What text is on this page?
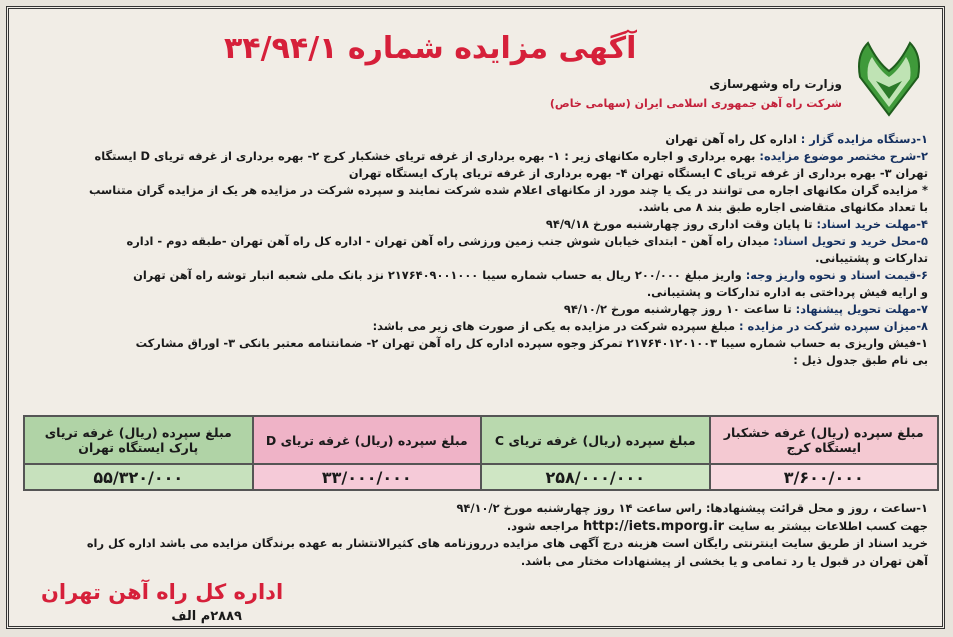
وزارت راه وشهرسازی
شرکت راه آهن جمهوری اسلامی ایران (سهامی خاص)
آگهی مزایده شماره ۳۴/۹۴/۱

۱-دستگاه مزایده گزار : اداره کل راه آهن تهران

۲-شرح مختصر موضوع مزایده: بهره برداری و اجاره مکانهای زیر : ۱- بهره برداری از غرفه تریای خشکبار کرج ۲- بهره برداری از غرفه تریای D ایستگاه

تهران ۳- بهره برداری از غرفه تریای C ایستگاه تهران ۴- بهره برداری از غرفه تریای پارک ایستگاه تهران

* مزایده گران مکانهای اجاره می توانند در یک یا چند مورد از مکانهای اعلام شده شرکت نمایند و سپرده شرکت در مزایده هر یک از مزایده گران متناسب

با تعداد مکانهای متقاضی اجاره طبق بند ۸ می باشد.

۴-مهلت خرید اسناد: تا پایان وقت اداری روز چهارشنبه مورخ ۹۴/۹/۱۸

۵-محل خرید و تحویل اسناد: میدان راه آهن - ابتدای خیابان شوش جنب زمین ورزشی راه آهن تهران - اداره کل راه آهن تهران -طبقه دوم - اداره

تدارکات و پشتیبانی.

۶-قیمت اسناد و نحوه واریز وجه: واریز مبلغ ۲۰۰/۰۰۰ ریال به حساب شماره سیبا ۲۱۷۶۴۰۹۰۰۱۰۰۰ نزد بانک ملی شعبه انبار توشه راه آهن تهران

و ارایه فیش پرداختی به اداره تدارکات و پشتیبانی.

۷-مهلت تحویل پیشنهاد: تا ساعت ۱۰ روز چهارشنبه مورخ ۹۴/۱۰/۲

۸-میزان سپرده شرکت در مزایده : مبلغ سپرده شرکت در مزایده به یکی از صورت های زیر می باشد:

۱-فیش واریزی به حساب شماره سیبا ۲۱۷۶۴۰۱۲۰۱۰۰۳ تمرکز وجوه سپرده اداره کل راه آهن تهران ۲- ضمانتنامه معتبر بانکی ۳- اوراق مشارکت

بی نام طبق جدول ذیل :

مبلغ سپرده (ریال) غرفه خشکبار ایستگاه کرج
۳/۶۰۰/۰۰۰
مبلغ سپرده (ریال) غرفه تریای C
۲۵۸/۰۰۰/۰۰۰
مبلغ سپرده (ریال) غرفه تریای D
۳۳/۰۰۰/۰۰۰
مبلغ سپرده (ریال) غرفه تریای پارک ایستگاه تهران
۵۵/۳۲۰/۰۰۰

۱-ساعت ، روز و محل قرائت پیشنهادها: راس ساعت ۱۴ روز چهارشنبه مورخ ۹۴/۱۰/۲

جهت کسب اطلاعات بیشتر به سایت http://iets.mporg.ir مراجعه شود.

خرید اسناد از طریق سایت اینترنتی رایگان است هزینه درج آگهی های مزایده درروزنامه های کثیرالانتشار به عهده برندگان مزایده می باشد اداره کل راه

آهن تهران در قبول یا رد تمامی و یا بخشی از پیشنهادات مختار می باشد.

اداره کل راه آهن تهران
۲۸۸۹م الف
